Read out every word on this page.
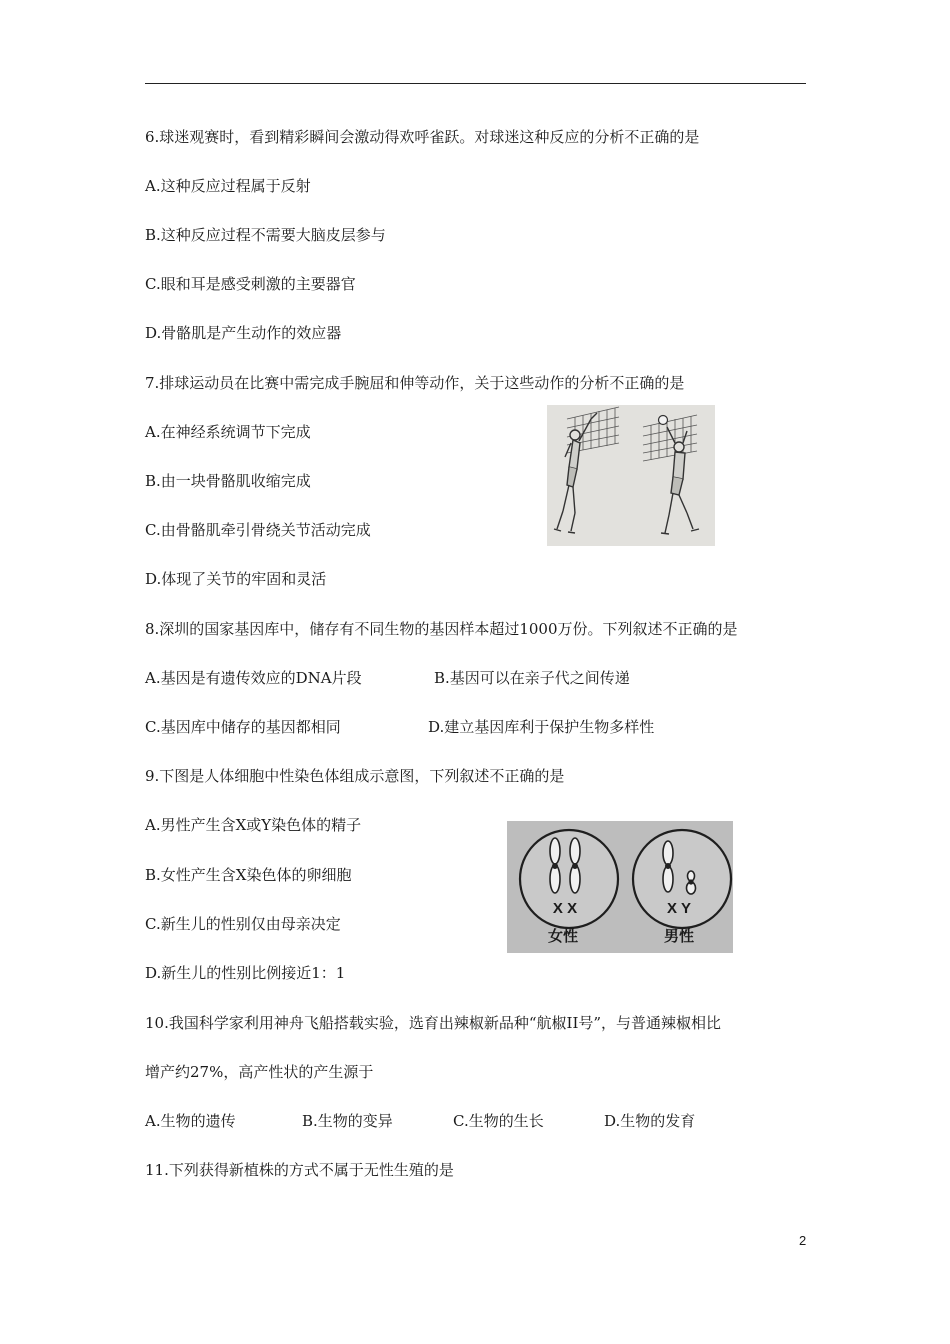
6.球迷观赛时，看到精彩瞬间会激动得欢呼雀跃。对球迷这种反应的分析不正确的是
A.这种反应过程属于反射
B.这种反应过程不需要大脑皮层参与
C.眼和耳是感受刺激的主要器官
D.骨骼肌是产生动作的效应器
7.排球运动员在比赛中需完成手腕屈和伸等动作，关于这些动作的分析不正确的是
A.在神经系统调节下完成
B.由一块骨骼肌收缩完成
C.由骨骼肌牵引骨绕关节活动完成
D.体现了关节的牢固和灵活
8.深圳的国家基因库中，储存有不同生物的基因样本超过1000万份。下列叙述不正确的是
A.基因是有遗传效应的DNA片段	B.基因可以在亲子代之间传递
C.基因库中储存的基因都相同	D.建立基因库利于保护生物多样性
9.下图是人体细胞中性染色体组成示意图，下列叙述不正确的是
A.男性产生含X或Y染色体的精子
B.女性产生含X染色体的卵细胞
C.新生儿的性别仅由母亲决定
D.新生儿的性别比例接近1：1
X X
女性
X Y
男性
10.我国科学家利用神舟飞船搭载实验，选育出辣椒新品种“航椒II号”，与普通辣椒相比
增产约27%，高产性状的产生源于
A.生物的遗传	B.生物的变异	C.生物的生长	D.生物的发育
11.下列获得新植株的方式不属于无性生殖的是
2
